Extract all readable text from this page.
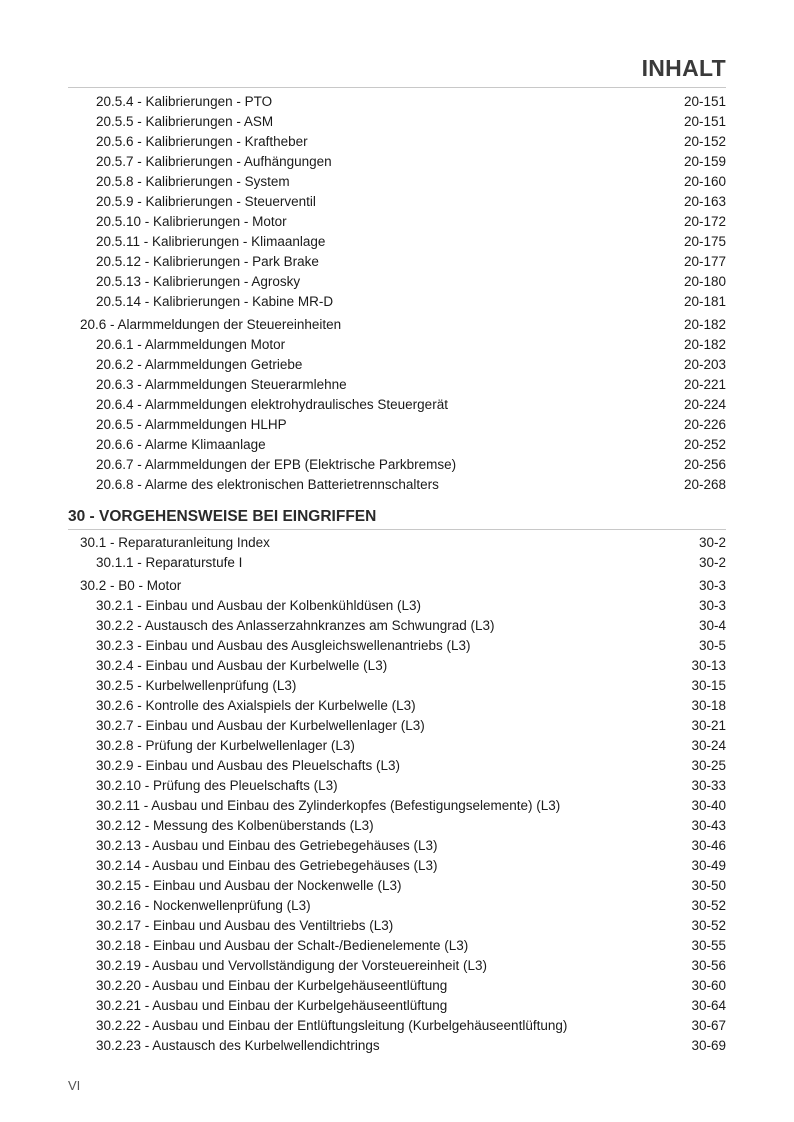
INHALT
20.5.4 - Kalibrierungen - PTO	20-151
20.5.5 - Kalibrierungen - ASM	20-151
20.5.6 - Kalibrierungen - Kraftheber	20-152
20.5.7 - Kalibrierungen - Aufhängungen	20-159
20.5.8 - Kalibrierungen - System	20-160
20.5.9 - Kalibrierungen - Steuerventil	20-163
20.5.10 - Kalibrierungen - Motor	20-172
20.5.11 - Kalibrierungen - Klimaanlage	20-175
20.5.12 - Kalibrierungen - Park Brake	20-177
20.5.13 - Kalibrierungen - Agrosky	20-180
20.5.14 - Kalibrierungen - Kabine MR-D	20-181
20.6 - Alarmmeldungen der Steuereinheiten	20-182
20.6.1 - Alarmmeldungen Motor	20-182
20.6.2 - Alarmmeldungen Getriebe	20-203
20.6.3 - Alarmmeldungen Steuerarmlehne	20-221
20.6.4 - Alarmmeldungen elektrohydraulisches Steuergerät	20-224
20.6.5 - Alarmmeldungen HLHP	20-226
20.6.6 - Alarme Klimaanlage	20-252
20.6.7 - Alarmmeldungen der EPB (Elektrische Parkbremse)	20-256
20.6.8 - Alarme des elektronischen Batterietrennschalters	20-268
30 - VORGEHENSWEISE BEI EINGRIFFEN
30.1 - Reparaturanleitung Index	30-2
30.1.1 - Reparaturstufe I	30-2
30.2 - B0 - Motor	30-3
30.2.1 - Einbau und Ausbau der Kolbenkühldüsen (L3)	30-3
30.2.2 - Austausch des Anlasserzahnkranzes am Schwungrad (L3)	30-4
30.2.3 - Einbau und Ausbau des Ausgleichswellenantriebs (L3)	30-5
30.2.4 - Einbau und Ausbau der Kurbelwelle (L3)	30-13
30.2.5 - Kurbelwellenprüfung (L3)	30-15
30.2.6 - Kontrolle des Axialspiels der Kurbelwelle (L3)	30-18
30.2.7 - Einbau und Ausbau der Kurbelwellenlager (L3)	30-21
30.2.8 - Prüfung der Kurbelwellenlager (L3)	30-24
30.2.9 - Einbau und Ausbau des Pleuelschafts (L3)	30-25
30.2.10 - Prüfung des Pleuelschafts (L3)	30-33
30.2.11 - Ausbau und Einbau des Zylinderkopfes (Befestigungselemente) (L3)	30-40
30.2.12 - Messung des Kolbenüberstands (L3)	30-43
30.2.13 - Ausbau und Einbau des Getriebegehäuses (L3)	30-46
30.2.14 - Ausbau und Einbau des Getriebegehäuses (L3)	30-49
30.2.15 - Einbau und Ausbau der Nockenwelle (L3)	30-50
30.2.16 - Nockenwellenprüfung (L3)	30-52
30.2.17 - Einbau und Ausbau des Ventiltriebs (L3)	30-52
30.2.18 - Einbau und Ausbau der Schalt-/Bedienelemente (L3)	30-55
30.2.19 - Ausbau und Vervollständigung der Vorsteuereinheit (L3)	30-56
30.2.20 - Ausbau und Einbau der Kurbelgehäuseentlüftung	30-60
30.2.21 - Ausbau und Einbau der Kurbelgehäuseentlüftung	30-64
30.2.22 - Ausbau und Einbau der Entlüftungsleitung (Kurbelgehäuseentlüftung)	30-67
30.2.23 - Austausch des Kurbelwellendichtrings	30-69
VI
